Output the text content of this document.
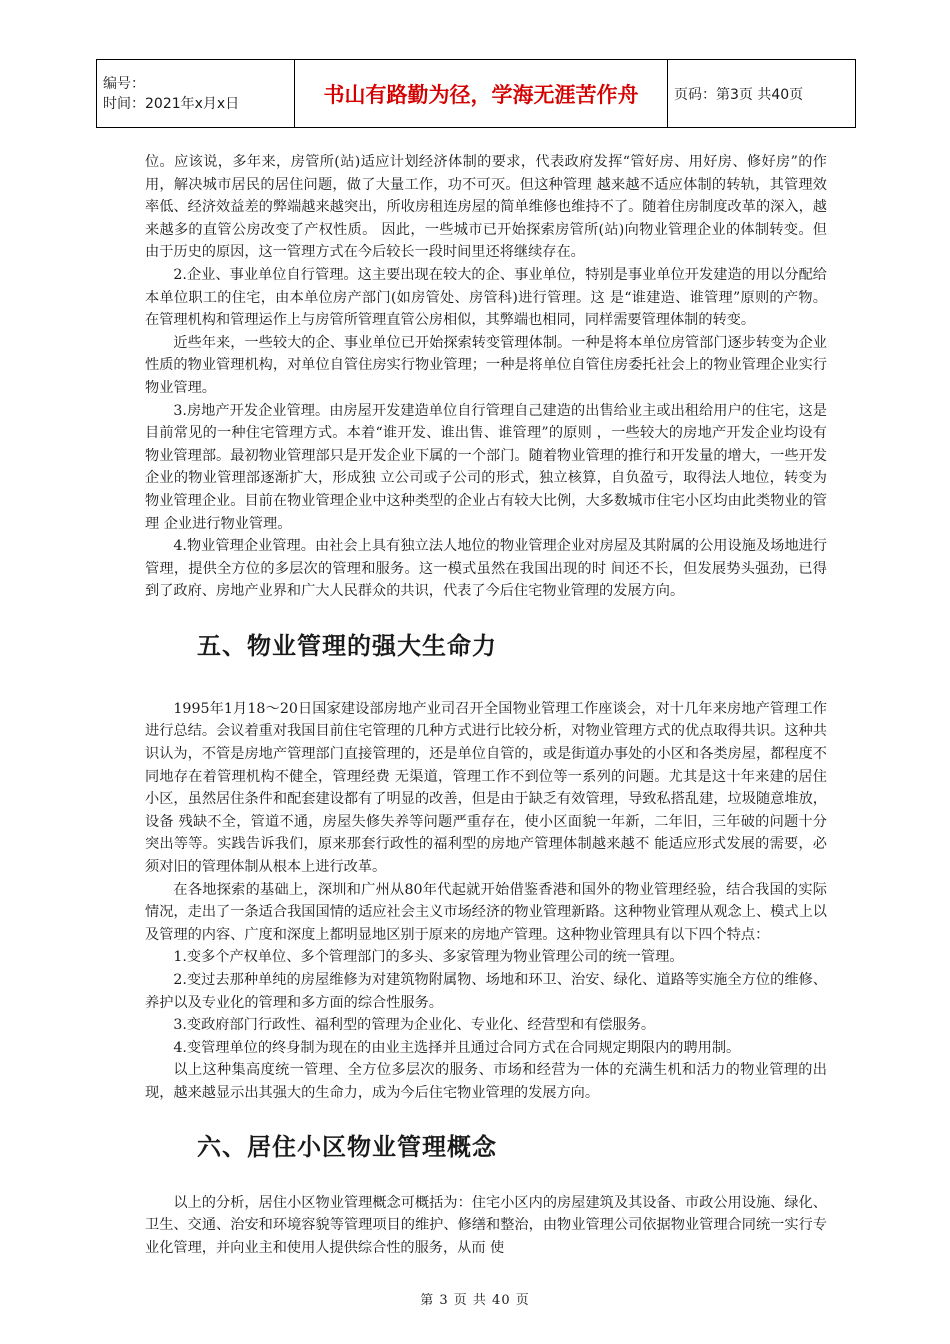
编号：
时间：2021年x月x日	书山有路勤为径，学海无涯苦作舟	页码：第3页 共40页

位。应该说，多年来，房管所(站)适应计划经济体制的要求，代表政府发挥“管好房、用好房、修好房”的作用，解决城市居民的居住问题，做了大量工作，功不可灭。但这种管理 越来越不适应体制的转轨，其管理效率低、经济效益差的弊端越来越突出，所收房租连房屋的简单维修也维持不了。随着住房制度改革的深入，越来越多的直管公房改变了产权性质。 因此，一些城市已开始探索房管所(站)向物业管理企业的体制转变。但由于历史的原因，这一管理方式在今后较长一段时间里还将继续存在。

2.企业、事业单位自行管理。这主要出现在较大的企、事业单位，特别是事业单位开发建造的用以分配给本单位职工的住宅，由本单位房产部门(如房管处、房管科)进行管理。这 是“谁建造、谁管理”原则的产物。在管理机构和管理运作上与房管所管理直管公房相似，其弊端也相同，同样需要管理体制的转变。

近些年来，一些较大的企、事业单位已开始探索转变管理体制。一种是将本单位房管部门逐步转变为企业性质的物业管理机构，对单位自管住房实行物业管理；一种是将单位自管住房委托社会上的物业管理企业实行物业管理。

3.房地产开发企业管理。由房屋开发建造单位自行管理自己建造的出售给业主或出租给用户的住宅，这是目前常见的一种住宅管理方式。本着“谁开发、谁出售、谁管理”的原则 ，一些较大的房地产开发企业均设有物业管理部。最初物业管理部只是开发企业下属的一个部门。随着物业管理的推行和开发量的增大，一些开发企业的物业管理部逐渐扩大，形成独 立公司或子公司的形式，独立核算，自负盈亏，取得法人地位，转变为物业管理企业。目前在物业管理企业中这种类型的企业占有较大比例，大多数城市住宅小区均由此类物业的管理 企业进行物业管理。

4.物业管理企业管理。由社会上具有独立法人地位的物业管理企业对房屋及其附属的公用设施及场地进行管理，提供全方位的多层次的管理和服务。这一模式虽然在我国出现的时 间还不长，但发展势头强劲，已得到了政府、房地产业界和广大人民群众的共识，代表了今后住宅物业管理的发展方向。

五、物业管理的强大生命力

1995年1月18～20日国家建设部房地产业司召开全国物业管理工作座谈会，对十几年来房地产管理工作进行总结。会议着重对我国目前住宅管理的几种方式进行比较分析，对物业管理方式的优点取得共识。这种共识认为，不管是房地产管理部门直接管理的，还是单位自管的，或是街道办事处的小区和各类房屋，都程度不同地存在着管理机构不健全，管理经费 无渠道，管理工作不到位等一系列的问题。尤其是这十年来建的居住小区，虽然居住条件和配套建设都有了明显的改善，但是由于缺乏有效管理，导致私搭乱建，垃圾随意堆放，设备 残缺不全，管道不通，房屋失修失养等问题严重存在，使小区面貌一年新，二年旧，三年破的问题十分突出等等。实践告诉我们，原来那套行政性的福利型的房地产管理体制越来越不 能适应形式发展的需要，必须对旧的管理体制从根本上进行改革。

在各地探索的基础上，深圳和广州从80年代起就开始借鉴香港和国外的物业管理经验，结合我国的实际情况，走出了一条适合我国国情的适应社会主义市场经济的物业管理新路。这种物业管理从观念上、模式上以及管理的内容、广度和深度上都明显地区别于原来的房地产管理。这种物业管理具有以下四个特点：

1.变多个产权单位、多个管理部门的多头、多家管理为物业管理公司的统一管理。

2.变过去那种单纯的房屋维修为对建筑物附属物、场地和环卫、治安、绿化、道路等实施全方位的维修、养护以及专业化的管理和多方面的综合性服务。

3.变政府部门行政性、福利型的管理为企业化、专业化、经营型和有偿服务。

4.变管理单位的终身制为现在的由业主选择并且通过合同方式在合同规定期限内的聘用制。

以上这种集高度统一管理、全方位多层次的服务、市场和经营为一体的充满生机和活力的物业管理的出现，越来越显示出其强大的生命力，成为今后住宅物业管理的发展方向。

六、居住小区物业管理概念

以上的分析，居住小区物业管理概念可概括为：住宅小区内的房屋建筑及其设备、市政公用设施、绿化、卫生、交通、治安和环境容貌等管理项目的维护、修缮和整治，由物业管理公司依据物业管理合同统一实行专业化管理，并向业主和使用人提供综合性的服务，从而 使

第 3 页 共 40 页
